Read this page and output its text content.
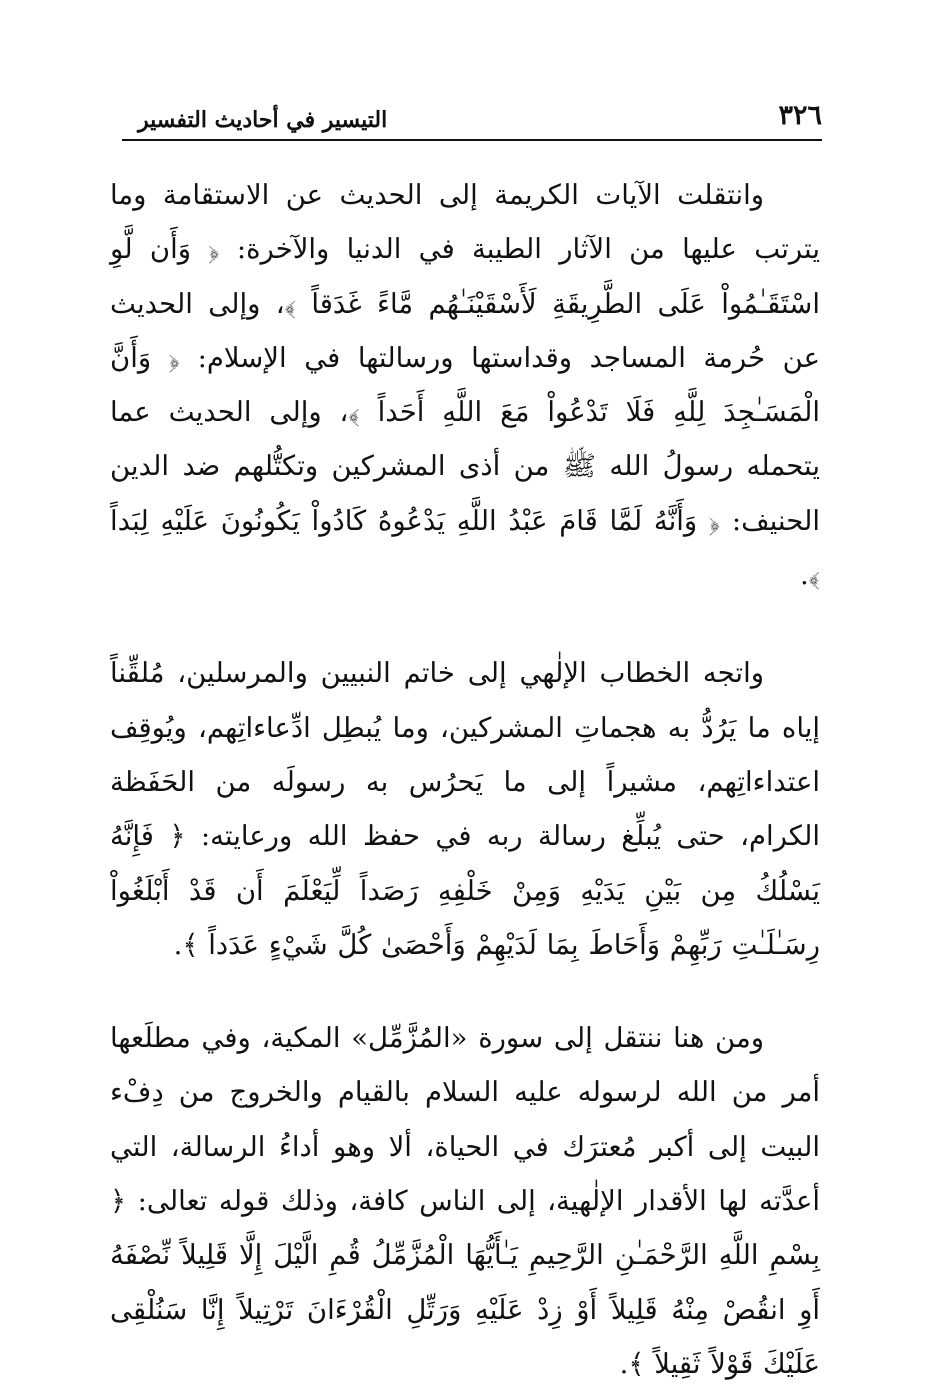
٣٢٦
التيسير في أحاديث التفسير

وانتقلت الآيات الكريمة إلى الحديث عن الاستقامة وما يترتب عليها من الآثار الطيبة في الدنيا والآخرة: ﴿ وَأَن لَّوِ اسْتَقَـٰمُواْ عَلَى الطَّرِيقَةِ لَأَسْقَيْنَـٰهُم مَّاءً غَدَقاً ﴾، وإلى الحديث عن حُرمة المساجد وقداستها ورسالتها في الإسلام: ﴿ وَأَنَّ الْمَسَـٰجِدَ لِلَّهِ فَلَا تَدْعُواْ مَعَ اللَّهِ أَحَداً ﴾، وإلى الحديث عما يتحمله رسولُ الله ﷺ من أذى المشركين وتكتُّلهم ضد الدين الحنيف: ﴿ وَأَنَّهُ لَمَّا قَامَ عَبْدُ اللَّهِ يَدْعُوهُ كَادُواْ يَكُونُونَ عَلَيْهِ لِبَداً ﴾.

واتجه الخطاب الإلٰهي إلى خاتم النبيين والمرسلين، مُلقِّناً إياه ما يَرُدُّ به هجماتِ المشركين، وما يُبطِل ادِّعاءاتِهم، ويُوقِف اعتداءاتِهم، مشيراً إلى ما يَحرُس به رسولَه من الحَفَظة الكرام، حتى يُبلِّغ رسالة ربه في حفظ الله ورعايته: ﴿ فَإِنَّهُ يَسْلُكُ مِن بَيْنِ يَدَيْهِ وَمِنْ خَلْفِهِ رَصَداً لِّيَعْلَمَ أَن قَدْ أَبْلَغُواْ رِسَـٰلَـٰتِ رَبِّهِمْ وَأَحَاطَ بِمَا لَدَيْهِمْ وَأَحْصَىٰ كُلَّ شَيْءٍ عَدَداً ﴾.

ومن هنا ننتقل إلى سورة «المُزَّمِّل» المكية، وفي مطلَعها أمر من الله لرسوله عليه السلام بالقيام والخروج من دِفْء البيت إلى أكبر مُعترَك في الحياة، ألا وهو أداءُ الرسالة، التي أعدَّته لها الأقدار الإلٰهية، إلى الناس كافة، وذلك قوله تعالى: ﴿ بِسْمِ اللَّهِ الرَّحْمَـٰنِ الرَّحِيمِ يَـٰأَيُّهَا الْمُزَّمِّلُ قُمِ الَّيْلَ إِلَّا قَلِيلاً نِّصْفَهُ أَوِ انقُصْ مِنْهُ قَلِيلاً أَوْ زِدْ عَلَيْهِ وَرَتِّلِ الْقُرْءَانَ تَرْتِيلاً إِنَّا سَنُلْقِى عَلَيْكَ قَوْلاً ثَقِيلاً ﴾.
